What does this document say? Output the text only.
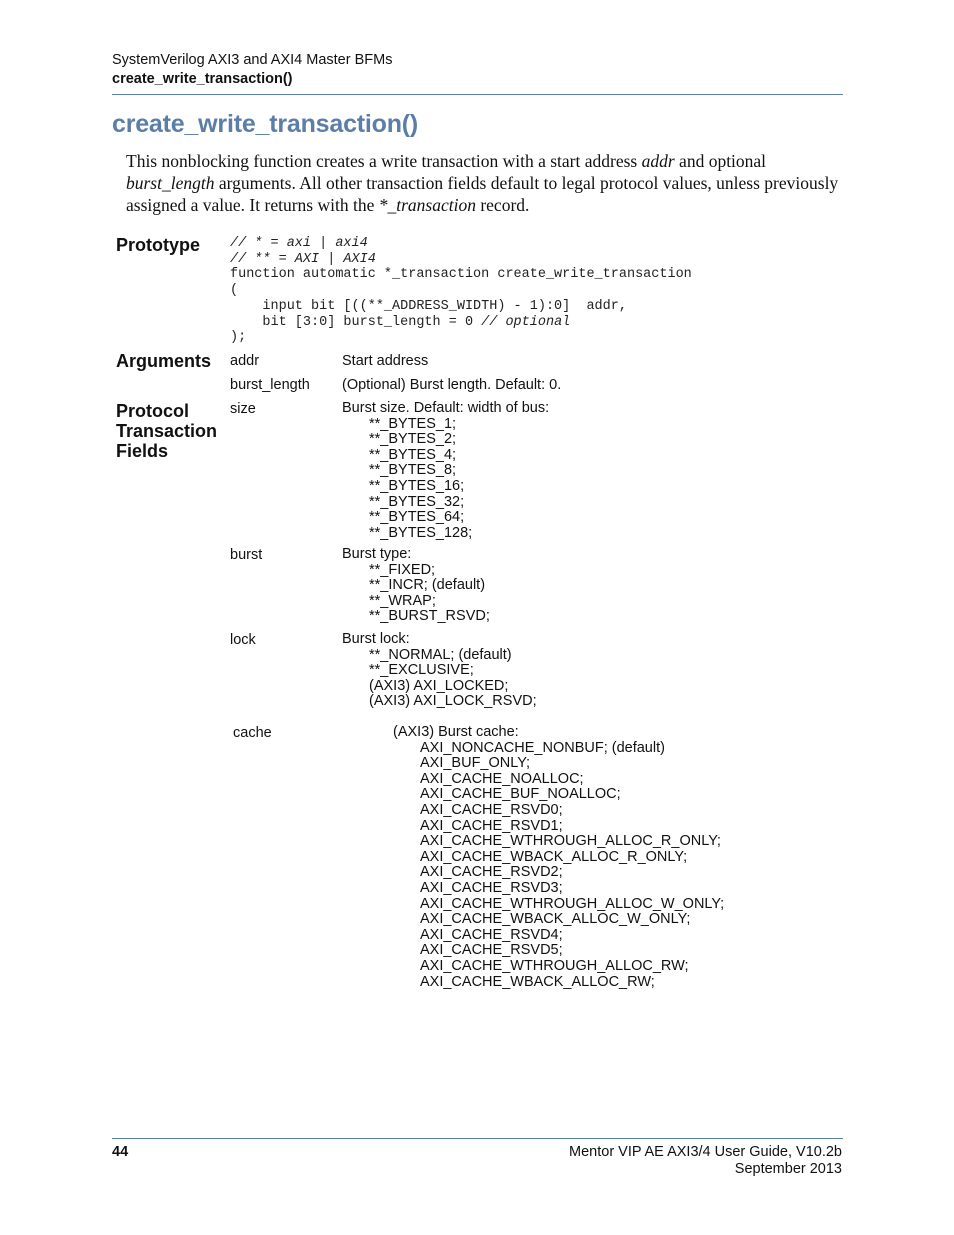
SystemVerilog AXI3 and AXI4 Master BFMs
create_write_transaction()
create_write_transaction()

This nonblocking function creates a write transaction with a start address addr and optional burst_length arguments. All other transaction fields default to legal protocol values, unless previously assigned a value. It returns with the *_transaction record.

Prototype // * = axi | axi4
// ** = AXI | AXI4
function automatic *_transaction create_write_transaction
(
input bit [((**_ADDRESS_WIDTH) - 1):0]  addr,
bit [3:0] burst_length = 0 // optional
);
Arguments addr	Start address
burst_length (Optional) Burst length. Default: 0.
Protocol
Transaction
Fields
size	Burst size. Default: width of bus:
**_BYTES_1;
**_BYTES_2;
**_BYTES_4;
**_BYTES_8;
**_BYTES_16;
**_BYTES_32;
**_BYTES_64;
**_BYTES_128;
burst	Burst type:
**_FIXED;
**_INCR; (default)
**_WRAP;
**_BURST_RSVD;
lock	Burst lock:
**_NORMAL; (default)
**_EXCLUSIVE;
(AXI3) AXI_LOCKED;
(AXI3) AXI_LOCK_RSVD;
cache	(AXI3) Burst cache:
AXI_NONCACHE_NONBUF; (default)
AXI_BUF_ONLY;
AXI_CACHE_NOALLOC;
AXI_CACHE_BUF_NOALLOC;
AXI_CACHE_RSVD0;
AXI_CACHE_RSVD1;
AXI_CACHE_WTHROUGH_ALLOC_R_ONLY;
AXI_CACHE_WBACK_ALLOC_R_ONLY;
AXI_CACHE_RSVD2;
AXI_CACHE_RSVD3;
AXI_CACHE_WTHROUGH_ALLOC_W_ONLY;
AXI_CACHE_WBACK_ALLOC_W_ONLY;
AXI_CACHE_RSVD4;
AXI_CACHE_RSVD5;
AXI_CACHE_WTHROUGH_ALLOC_RW;
AXI_CACHE_WBACK_ALLOC_RW;
44	Mentor VIP AE AXI3/4 User Guide, V10.2b
September 2013
